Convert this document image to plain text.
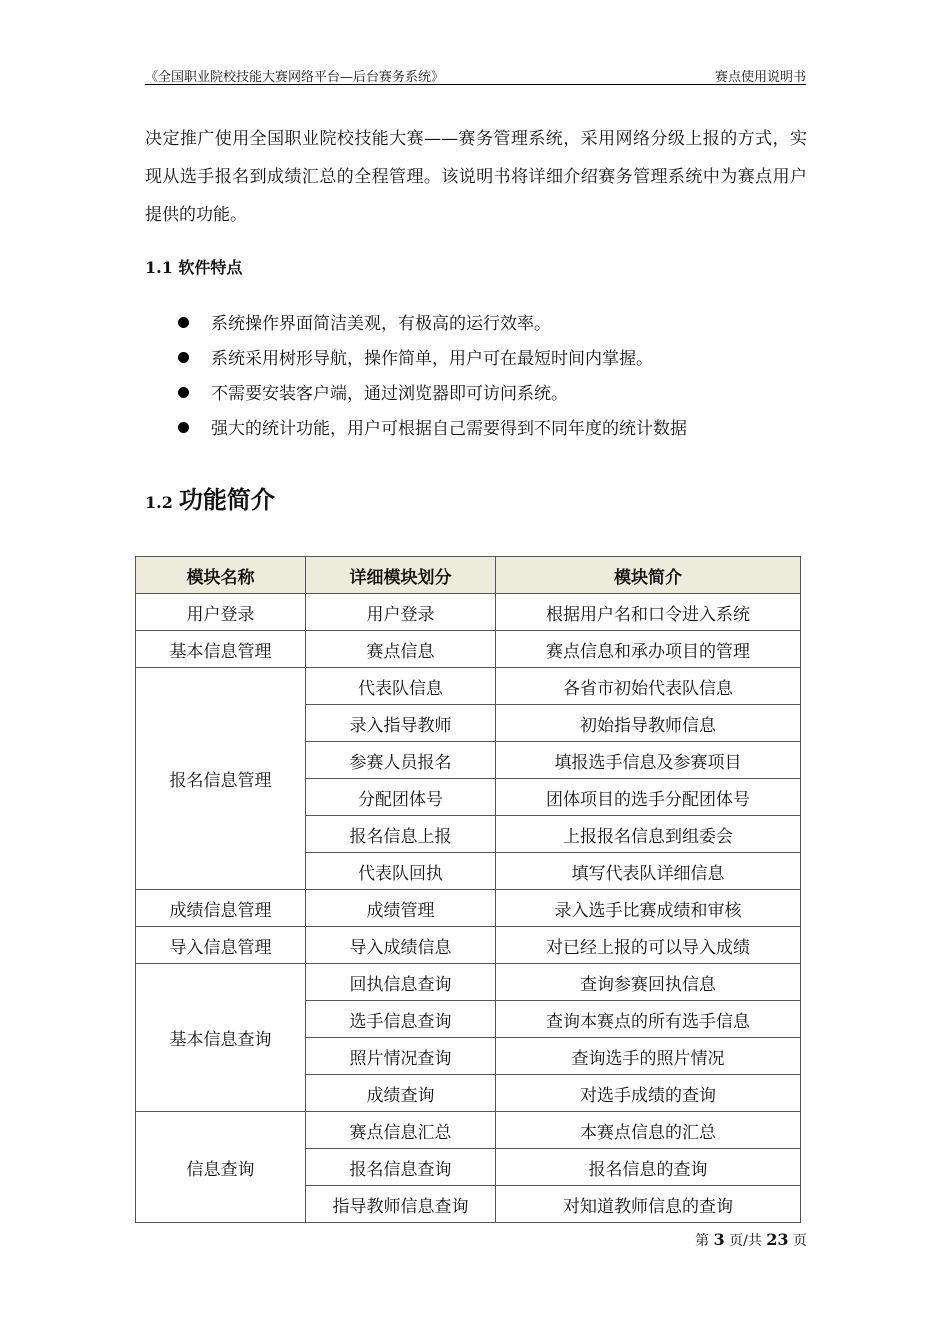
《全国职业院校技能大赛网络平台—后台赛务系统》	赛点使用说明书
决定推广使用全国职业院校技能大赛——赛务管理系统，采用网络分级上报的方式，实现从选手报名到成绩汇总的全程管理。该说明书将详细介绍赛务管理系统中为赛点用户提供的功能。
1.1 软件特点
系统操作界面简洁美观，有极高的运行效率。
系统采用树形导航，操作简单，用户可在最短时间内掌握。
不需要安装客户端，通过浏览器即可访问系统。
强大的统计功能，用户可根据自己需要得到不同年度的统计数据
1.2 功能简介
模块名称	详细模块划分	模块简介
用户登录	用户登录	根据用户名和口令进入系统
基本信息管理	赛点信息	赛点信息和承办项目的管理
报名信息管理	代表队信息	各省市初始代表队信息
	录入指导教师	初始指导教师信息
	参赛人员报名	填报选手信息及参赛项目
	分配团体号	团体项目的选手分配团体号
	报名信息上报	上报报名信息到组委会
	代表队回执	填写代表队详细信息
成绩信息管理	成绩管理	录入选手比赛成绩和审核
导入信息管理	导入成绩信息	对已经上报的可以导入成绩
基本信息查询	回执信息查询	查询参赛回执信息
	选手信息查询	查询本赛点的所有选手信息
	照片情况查询	查询选手的照片情况
	成绩查询	对选手成绩的查询
信息查询	赛点信息汇总	本赛点信息的汇总
	报名信息查询	报名信息的查询
	指导教师信息查询	对知道教师信息的查询
第 3 页/共 23 页
